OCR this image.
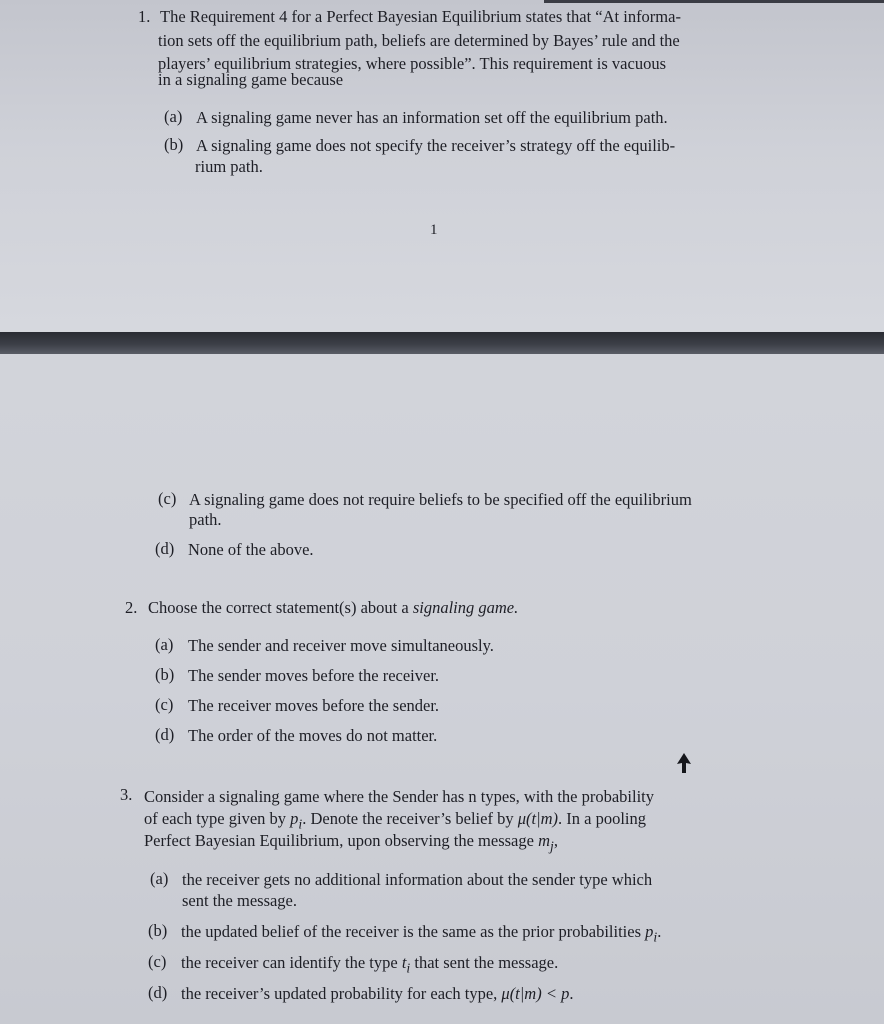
1. The Requirement 4 for a Perfect Bayesian Equilibrium states that “At informa-
tion sets off the equilibrium path, beliefs are determined by Bayes’ rule and the
players’ equilibrium strategies, where possible”. This requirement is vacuous
in a signaling game because
(a) A signaling game never has an information set off the equilibrium path.
(b) A signaling game does not specify the receiver’s strategy off the equilib-
rium path.
1
(c) A signaling game does not require beliefs to be specified off the equilibrium
path.
(d) None of the above.
2. Choose the correct statement(s) about a signaling game.
(a) The sender and receiver move simultaneously.
(b) The sender moves before the receiver.
(c) The receiver moves before the sender.
(d) The order of the moves do not matter.
3. Consider a signaling game where the Sender has n types, with the probability
of each type given by $p_i$. Denote the receiver’s belief by μ(t|m). In a pooling
Perfect Bayesian Equilibrium, upon observing the message $m_j$,
(a) the receiver gets no additional information about the sender type which
sent the message.
(b) the updated belief of the receiver is the same as the prior probabilities $p_i$.
(c) the receiver can identify the type $t_i$ that sent the message.
(d) the receiver’s updated probability for each type, μ(t|m) < p.
